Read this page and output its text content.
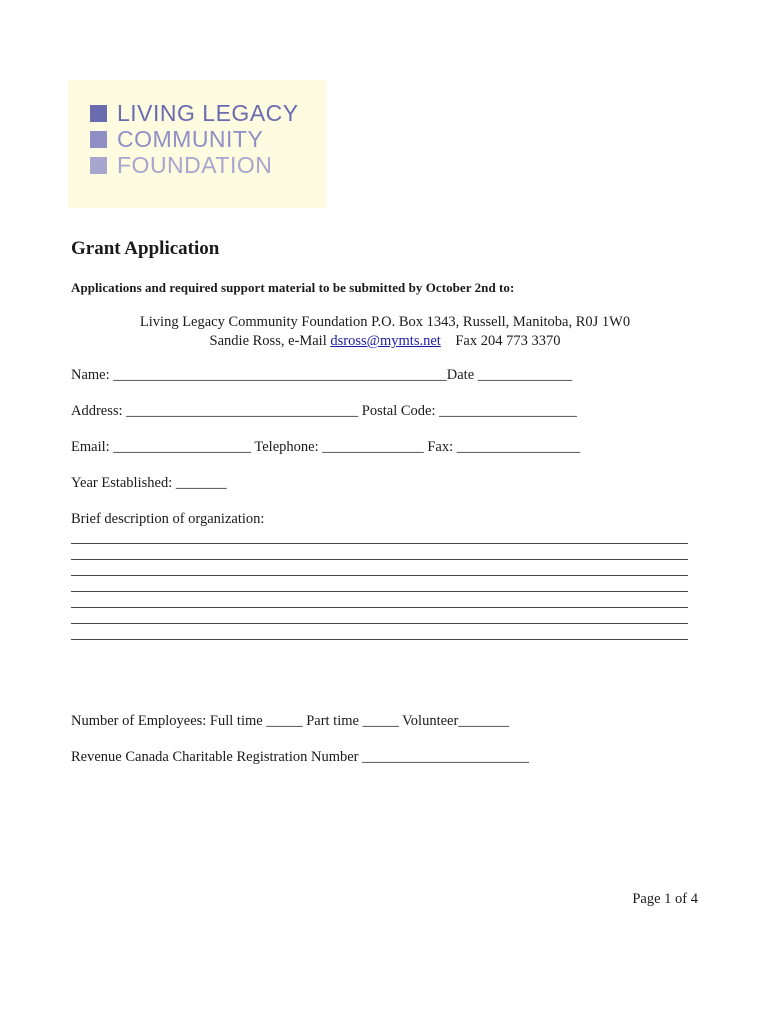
LIVING LEGACY
COMMUNITY
FOUNDATION
Grant Application
Applications and required support material to be submitted by October 2nd to:
Living Legacy Community Foundation P.O. Box 1343, Russell, Manitoba, R0J 1W0
Sandie Ross, e-Mail dsross@mymts.net Fax 204 773 3370
Name: ______________________________________________Date _____________
Address: ________________________________ Postal Code: ___________________
Email: ___________________ Telephone: ______________ Fax: _________________
Year Established: _______
Brief description of organization:
Number of Employees: Full time _____ Part time _____ Volunteer_______
Revenue Canada Charitable Registration Number _______________________
Page 1 of 4
